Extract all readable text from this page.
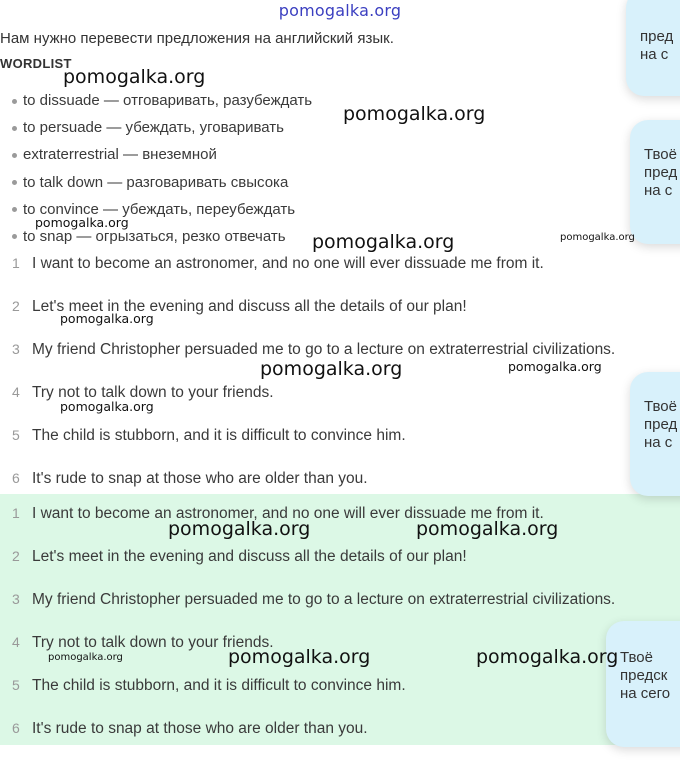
pomogalka.org
Нам нужно перевести предложения на английский язык.
WORDLIST
to dissuade — отговаривать, разубеждать
to persuade — убеждать, уговаривать
extraterrestrial — внеземной
to talk down — разговаривать свысока
to convince — убеждать, переубеждать
to snap — огрызаться, резко отвечать
1 I want to become an astronomer, and no one will ever dissuade me from it.
2 Let's meet in the evening and discuss all the details of our plan!
3 My friend Christopher persuaded me to go to a lecture on extraterrestrial civilizations.
4 Try not to talk down to your friends.
5 The child is stubborn, and it is difficult to convince him.
6 It's rude to snap at those who are older than you.
1 I want to become an astronomer, and no one will ever dissuade me from it.
2 Let's meet in the evening and discuss all the details of our plan!
3 My friend Christopher persuaded me to go to a lecture on extraterrestrial civilizations.
4 Try not to talk down to your friends.
5 The child is stubborn, and it is difficult to convince him.
6 It's rude to snap at those who are older than you.
пред
на с
Твоё
пред
на с
Твоё
пред
на с
Твоё
предск
на сего
pomogalka.org
pomogalka.org
pomogalka.org
pomogalka.org	pomogalka.org
pomogalka.org
pomogalka.org	pomogalka.org
pomogalka.org
pomogalka.org	pomogalka.org
pomogalka.org	pomogalka.org
pomogalka.org
